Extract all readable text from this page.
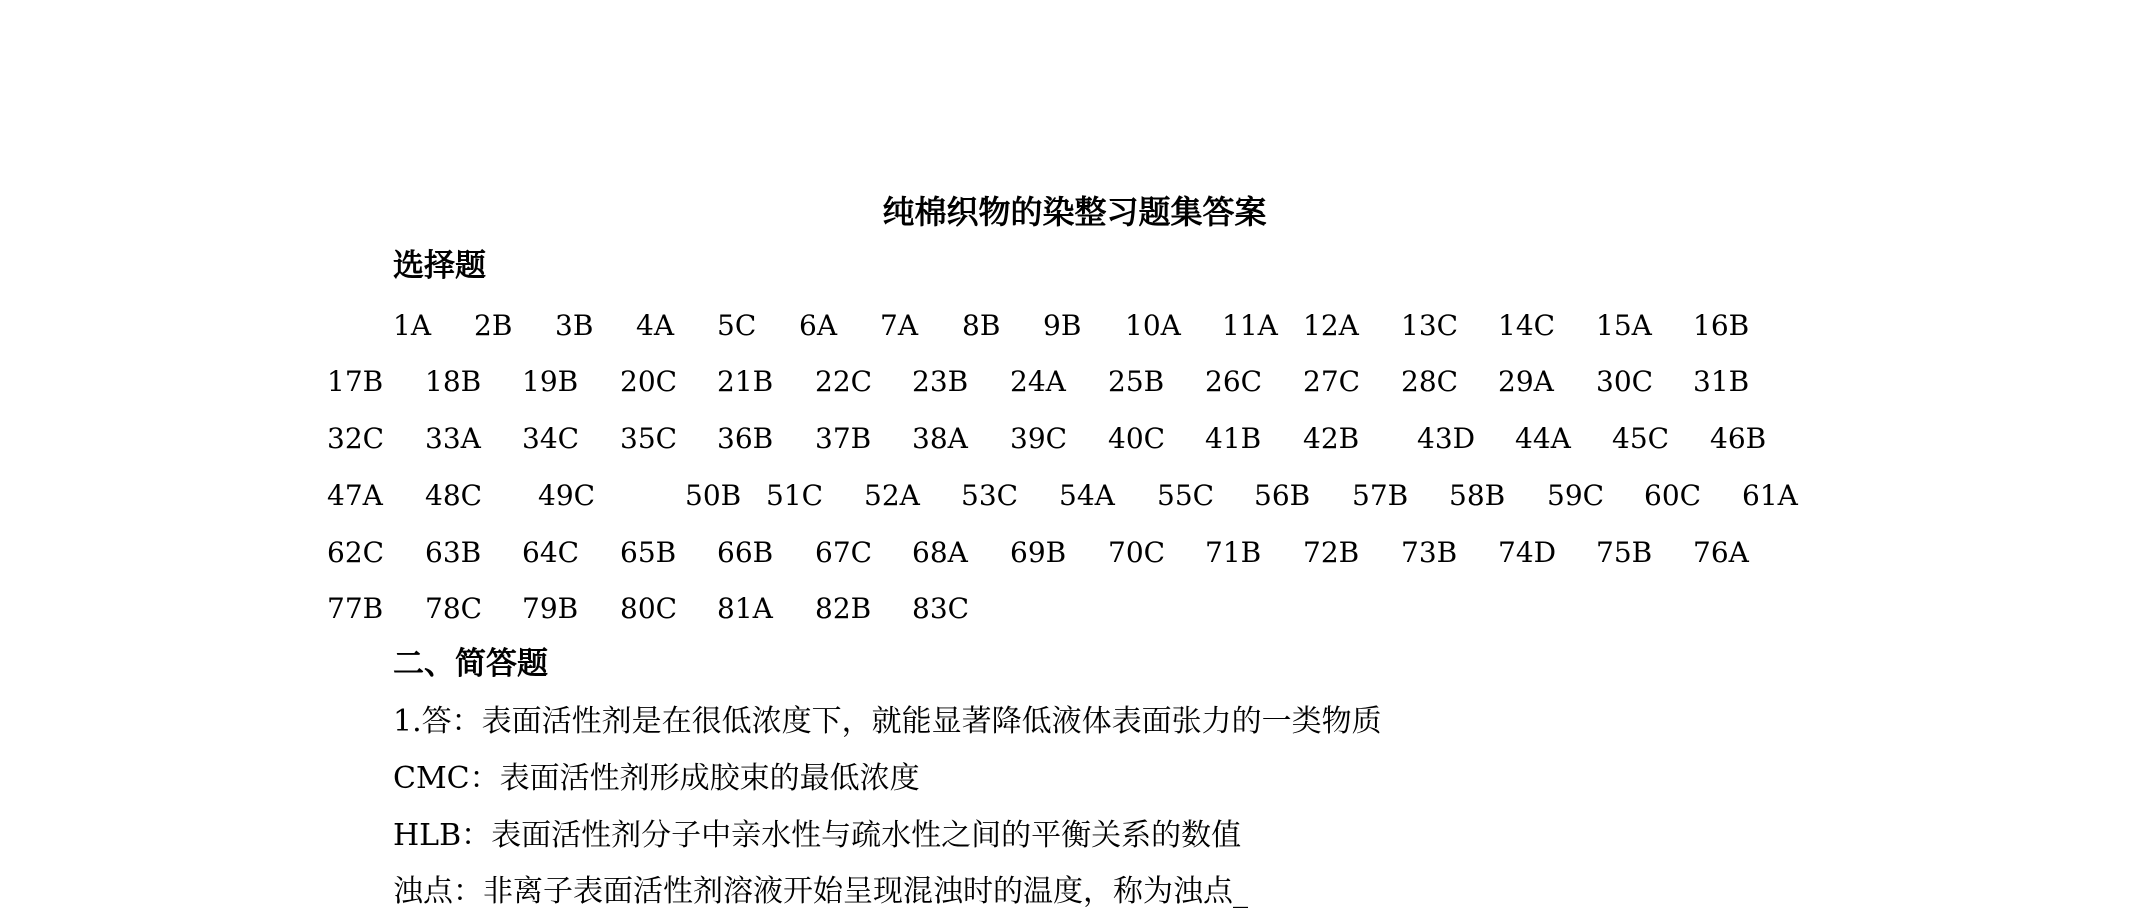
纯棉织物的染整习题集答案
选择题
1A 2B 3B 4A 5C 6A 7A 8B 9B 10A 11A 12A 13C 14C 15A 16B
17B 18B 19B 20C 21B 22C 23B 24A 25B 26C 27C 28C 29A 30C 31B
32C 33A 34C 35C 36B 37B 38A 39C 40C 41B 42B 43D 44A 45C 46B
47A 48C 49C	50B 51C 52A 53C 54A 55C 56B 57B 58B 59C 60C 61A
62C 63B 64C 65B 66B 67C 68A 69B 70C 71B 72B 73B 74D 75B 76A
77B 78C 79B 80C 81A 82B 83C
二、简答题
1.答：表面活性剂是在很低浓度下，就能显著降低液体表面张力的一类物质
CMC：表面活性剂形成胶束的最低浓度
HLB：表面活性剂分子中亲水性与疏水性之间的平衡关系的数值
浊点：非离子表面活性剂溶液开始呈现混浊时的温度，称为浊点_
